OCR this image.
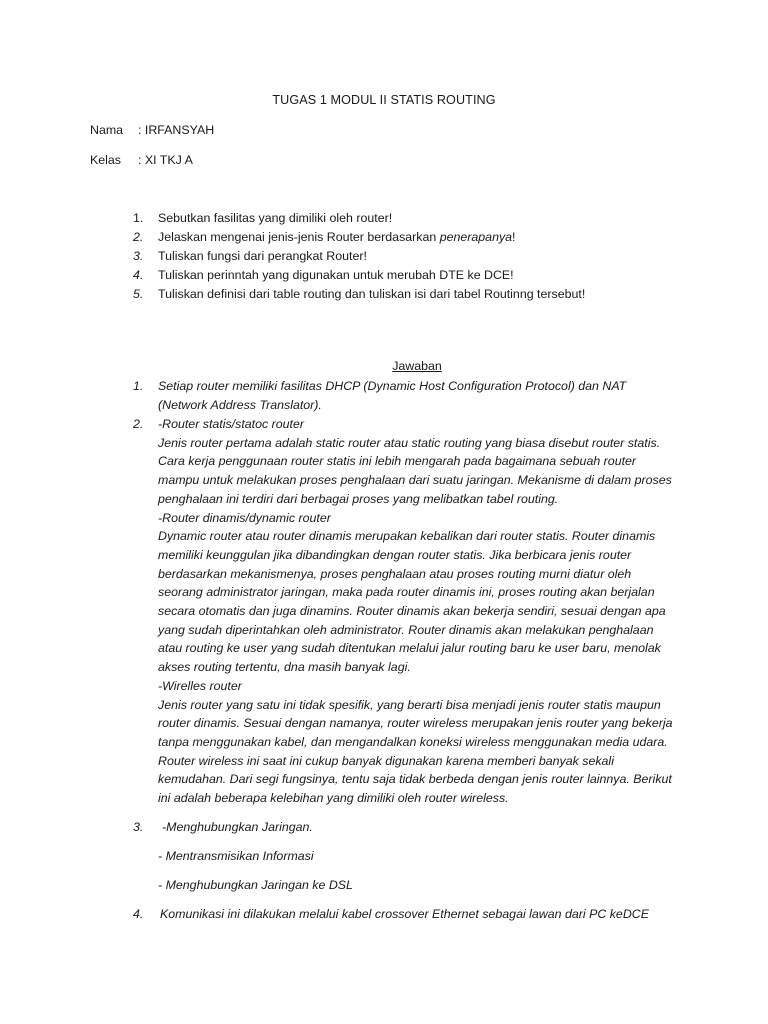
TUGAS 1 MODUL II STATIS ROUTING
Nama	: IRFANSYAH
Kelas	: XI TKJ A
1.	Sebutkan fasilitas yang dimiliki oleh router!
2.	Jelaskan mengenai jenis-jenis Router berdasarkan penerapanya!
3.	Tuliskan fungsi dari perangkat Router!
4.	Tuliskan perinntah yang digunakan untuk merubah DTE ke DCE!
5.	Tuliskan definisi dari table routing dan tuliskan isi dari tabel Routinng tersebut!
Jawaban
1.	Setiap router memiliki fasilitas DHCP (Dynamic Host Configuration Protocol) dan NAT (Network Address Translator).

2.	-Router statis/statoc router

Jenis router pertama adalah static router atau static routing yang biasa disebut router statis. Cara kerja penggunaan router statis ini lebih mengarah pada bagaimana sebuah router mampu untuk melakukan proses penghalaan dari suatu jaringan. Mekanisme di dalam proses penghalaan ini terdiri dari berbagai proses yang melibatkan tabel routing.

-Router dinamis/dynamic router

Dynamic router atau router dinamis merupakan kebalikan dari router statis. Router dinamis memiliki keunggulan jika dibandingkan dengan router statis. Jika berbicara jenis router berdasarkan mekanismenya, proses penghalaan atau proses routing murni diatur oleh seorang administrator jaringan, maka pada router dinamis ini, proses routing akan berjalan secara otomatis dan juga dinamins. Router dinamis akan bekerja sendiri, sesuai dengan apa yang sudah diperintahkan oleh administrator. Router dinamis akan melakukan penghalaan atau routing ke user yang sudah ditentukan melalui jalur routing baru ke user baru, menolak akses routing tertentu, dna masih banyak lagi.

-Wirelles router

Jenis router yang satu ini tidak spesifik, yang berarti bisa menjadi jenis router statis maupun router dinamis. Sesuai dengan namanya, router wireless merupakan jenis router yang bekerja tanpa menggunakan kabel, dan mengandalkan koneksi wireless menggunakan media udara. Router wireless ini saat ini cukup banyak digunakan karena memberi banyak sekali kemudahan. Dari segi fungsinya, tentu saja tidak berbeda dengan jenis router lainnya. Berikut ini adalah beberapa kelebihan yang dimiliki oleh router wireless.

3. -Menghubungkan Jaringan.
- Mentransmisikan Informasi
- Menghubungkan Jaringan ke DSL
4. Komunikasi ini dilakukan melalui kabel crossover Ethernet sebagai lawan dari PC keDCE
